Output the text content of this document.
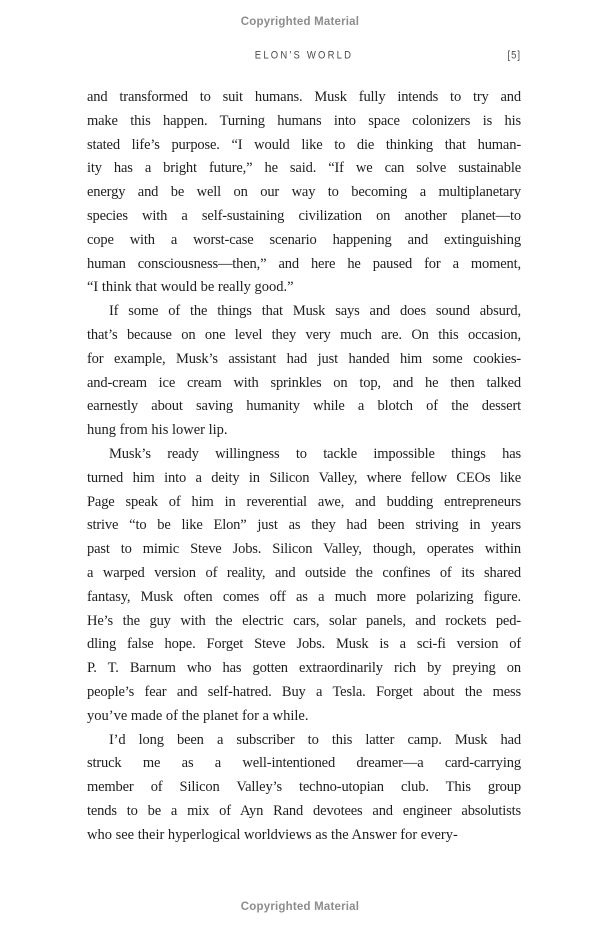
Copyrighted Material
ELON'S WORLD	[5]
and transformed to suit humans. Musk fully intends to try and
make this happen. Turning humans into space colonizers is his
stated life’s purpose. “I would like to die thinking that human-
ity has a bright future,” he said. “If we can solve sustainable
energy and be well on our way to becoming a multiplanetary
species with a self-sustaining civilization on another planet—to
cope with a worst-case scenario happening and extinguishing
human consciousness—then,” and here he paused for a moment,
“I think that would be really good.”
If some of the things that Musk says and does sound absurd,
that’s because on one level they very much are. On this occasion,
for example, Musk’s assistant had just handed him some cookies-
and-cream ice cream with sprinkles on top, and he then talked
earnestly about saving humanity while a blotch of the dessert
hung from his lower lip.
Musk’s ready willingness to tackle impossible things has
turned him into a deity in Silicon Valley, where fellow CEOs like
Page speak of him in reverential awe, and budding entrepreneurs
strive “to be like Elon” just as they had been striving in years
past to mimic Steve Jobs. Silicon Valley, though, operates within
a warped version of reality, and outside the confines of its shared
fantasy, Musk often comes off as a much more polarizing figure.
He’s the guy with the electric cars, solar panels, and rockets ped-
dling false hope. Forget Steve Jobs. Musk is a sci-fi version of
P. T. Barnum who has gotten extraordinarily rich by preying on
people’s fear and self-hatred. Buy a Tesla. Forget about the mess
you’ve made of the planet for a while.
I’d long been a subscriber to this latter camp. Musk had
struck me as a well-intentioned dreamer—a card-carrying
member of Silicon Valley’s techno-utopian club. This group
tends to be a mix of Ayn Rand devotees and engineer absolutists
who see their hyperlogical worldviews as the Answer for every-
Copyrighted Material
